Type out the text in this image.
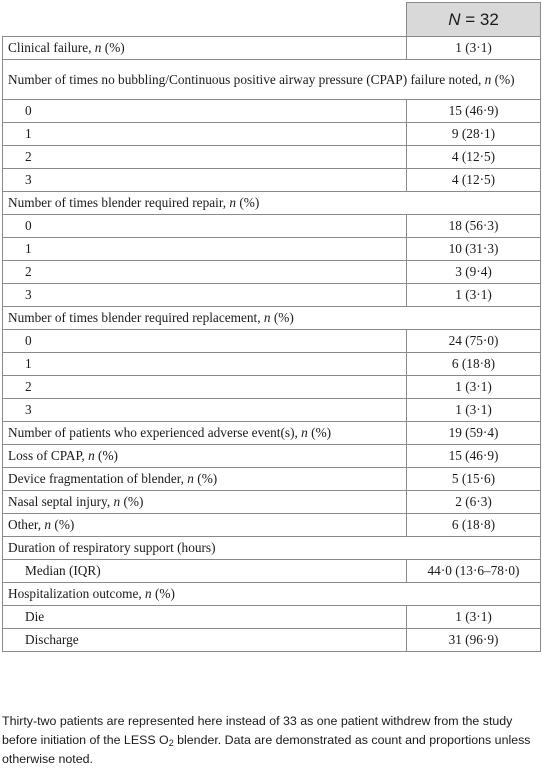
	N = 32
Clinical failure, n (%)	1 (3·1)
Number of times no bubbling/Continuous positive airway pressure (CPAP) failure noted, n (%)	
0	15 (46·9)
1	9 (28·1)
2	4 (12·5)
3	4 (12·5)
Number of times blender required repair, n (%)	
0	18 (56·3)
1	10 (31·3)
2	3 (9·4)
3	1 (3·1)
Number of times blender required replacement, n (%)	
0	24 (75·0)
1	6 (18·8)
2	1 (3·1)
3	1 (3·1)
Number of patients who experienced adverse event(s), n (%)	19 (59·4)
Loss of CPAP, n (%)	15 (46·9)
Device fragmentation of blender, n (%)	5 (15·6)
Nasal septal injury, n (%)	2 (6·3)
Other, n (%)	6 (18·8)
Duration of respiratory support (hours)	
Median (IQR)	44·0 (13·6–78·0)
Hospitalization outcome, n (%)	
Die	1 (3·1)
Discharge	31 (96·9)
Thirty-two patients are represented here instead of 33 as one patient withdrew from the study before initiation of the LESS $O_2$ blender. Data are demonstrated as count and proportions unless otherwise noted.
